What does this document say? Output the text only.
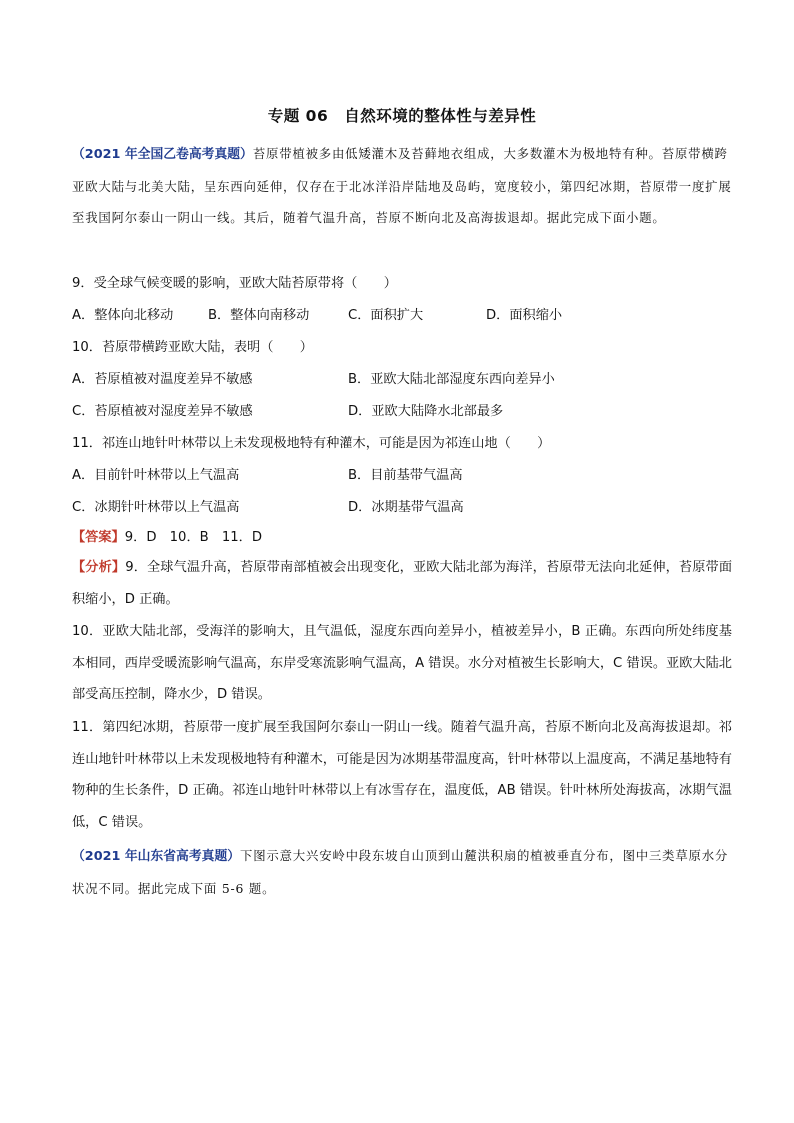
专题 06　自然环境的整体性与差异性
（2021 年全国乙卷高考真题）苔原带植被多由低矮灌木及苔藓地衣组成，大多数灌木为极地特有种。苔原带横跨亚欧大陆与北美大陆，呈东西向延伸，仅存在于北冰洋沿岸陆地及岛屿，宽度较小，第四纪冰期，苔原带一度扩展至我国阿尔泰山一阴山一线。其后，随着气温升高，苔原不断向北及高海拔退却。据此完成下面小题。
9．受全球气候变暖的影响，亚欧大陆苔原带将（　　）
A．整体向北移动	B．整体向南移动	C．面积扩大	D．面积缩小
10．苔原带横跨亚欧大陆，表明（　　）
A．苔原植被对温度差异不敏感	B．亚欧大陆北部湿度东西向差异小
C．苔原植被对湿度差异不敏感	D．亚欧大陆降水北部最多
11．祁连山地针叶林带以上未发现极地特有种灌木，可能是因为祁连山地（　　）
A．目前针叶林带以上气温高	B．目前基带气温高
C．冰期针叶林带以上气温高	D．冰期基带气温高
【答案】9．D　10．B　11．D
【分析】9．全球气温升高，苔原带南部植被会出现变化，亚欧大陆北部为海洋，苔原带无法向北延伸，苔原带面积缩小，D 正确。
10．亚欧大陆北部，受海洋的影响大，且气温低，湿度东西向差异小，植被差异小，B 正确。东西向所处纬度基本相同，西岸受暖流影响气温高，东岸受寒流影响气温高，A 错误。水分对植被生长影响大，C 错误。亚欧大陆北部受高压控制，降水少，D 错误。
11．第四纪冰期，苔原带一度扩展至我国阿尔泰山一阴山一线。随着气温升高，苔原不断向北及高海拔退却。祁连山地针叶林带以上未发现极地特有种灌木，可能是因为冰期基带温度高，针叶林带以上温度高，不满足基地特有物种的生长条件，D 正确。祁连山地针叶林带以上有冰雪存在，温度低，AB 错误。针叶林所处海拔高，冰期气温低，C 错误。
（2021 年山东省高考真题）下图示意大兴安岭中段东坡自山顶到山麓洪积扇的植被垂直分布，图中三类草原水分状况不同。据此完成下面 5-6 题。
